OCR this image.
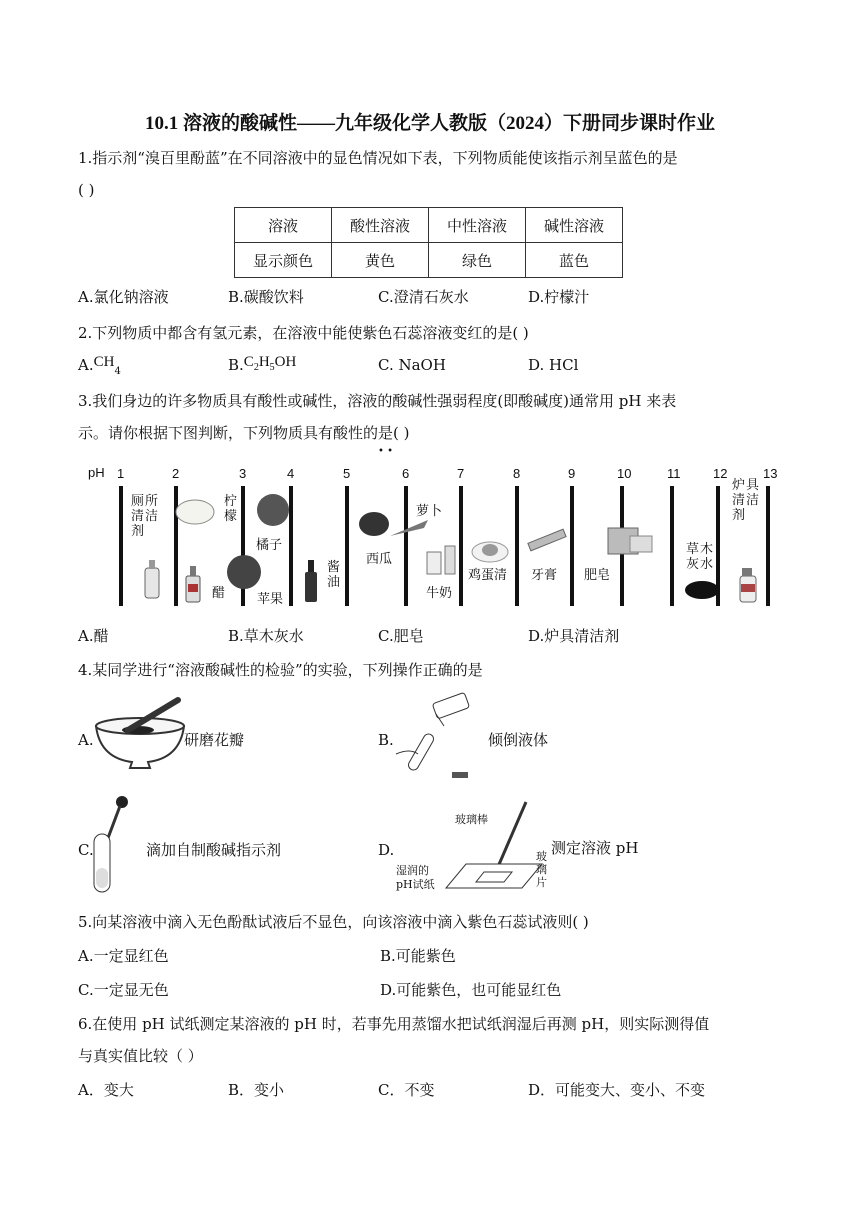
10.1 溶液的酸碱性——九年级化学人教版（2024）下册同步课时作业
1.指示剂“溴百里酚蓝”在不同溶液中的显色情况如下表，下列物质能使该指示剂呈蓝色的是
( )
溶液	酸性溶液	中性溶液	碱性溶液
显示颜色	黄色	绿色	蓝色
A.氯化钠溶液	B.碳酸饮料	C.澄清石灰水	D.柠檬汁
2.下列物质中都含有氢元素，在溶液中能使紫色石蕊溶液变红的是( )
$A.CH_4$	$B.C_2H_5OH$	C. NaOH	D. HCl
3.我们身边的许多物质具有酸性或碱性，溶液的酸碱性强弱程度(即酸碱度)通常用 pH 来表
示。请你根据下图判断，下列物质具有酸性的是( )
• •
pH 1	2	3	4	5	6	7	8	9	10	11	12	13
厕所清洁剂
柠檬
橘子
醋 苹果
酱油
西瓜
萝卜
牛奶
鸡蛋清 牙膏 肥皂
草木灰水
炉具清洁剂
A.醋	B.草木灰水	C.肥皂	D.炉具清洁剂
4.某同学进行“溶液酸碱性的检验”的实验，下列操作正确的是
A.	研磨花瓣	B.	倾倒液体
C.	滴加自制酸碱指示剂	D.
玻璃棒
湿润的 pH试纸
玻璃片
测定溶液 pH
5.向某溶液中滴入无色酚酞试液后不显色，向该溶液中滴入紫色石蕊试液则( )
A.一定显红色	B.可能紫色
C.一定显无色	D.可能紫色，也可能显红色
6.在使用 pH 试纸测定某溶液的 pH 时，若事先用蒸馏水把试纸润湿后再测 pH，则实际测得值
与真实值比较（ ）
A．变大	B．变小	C．不变	D．可能变大、变小、不变
